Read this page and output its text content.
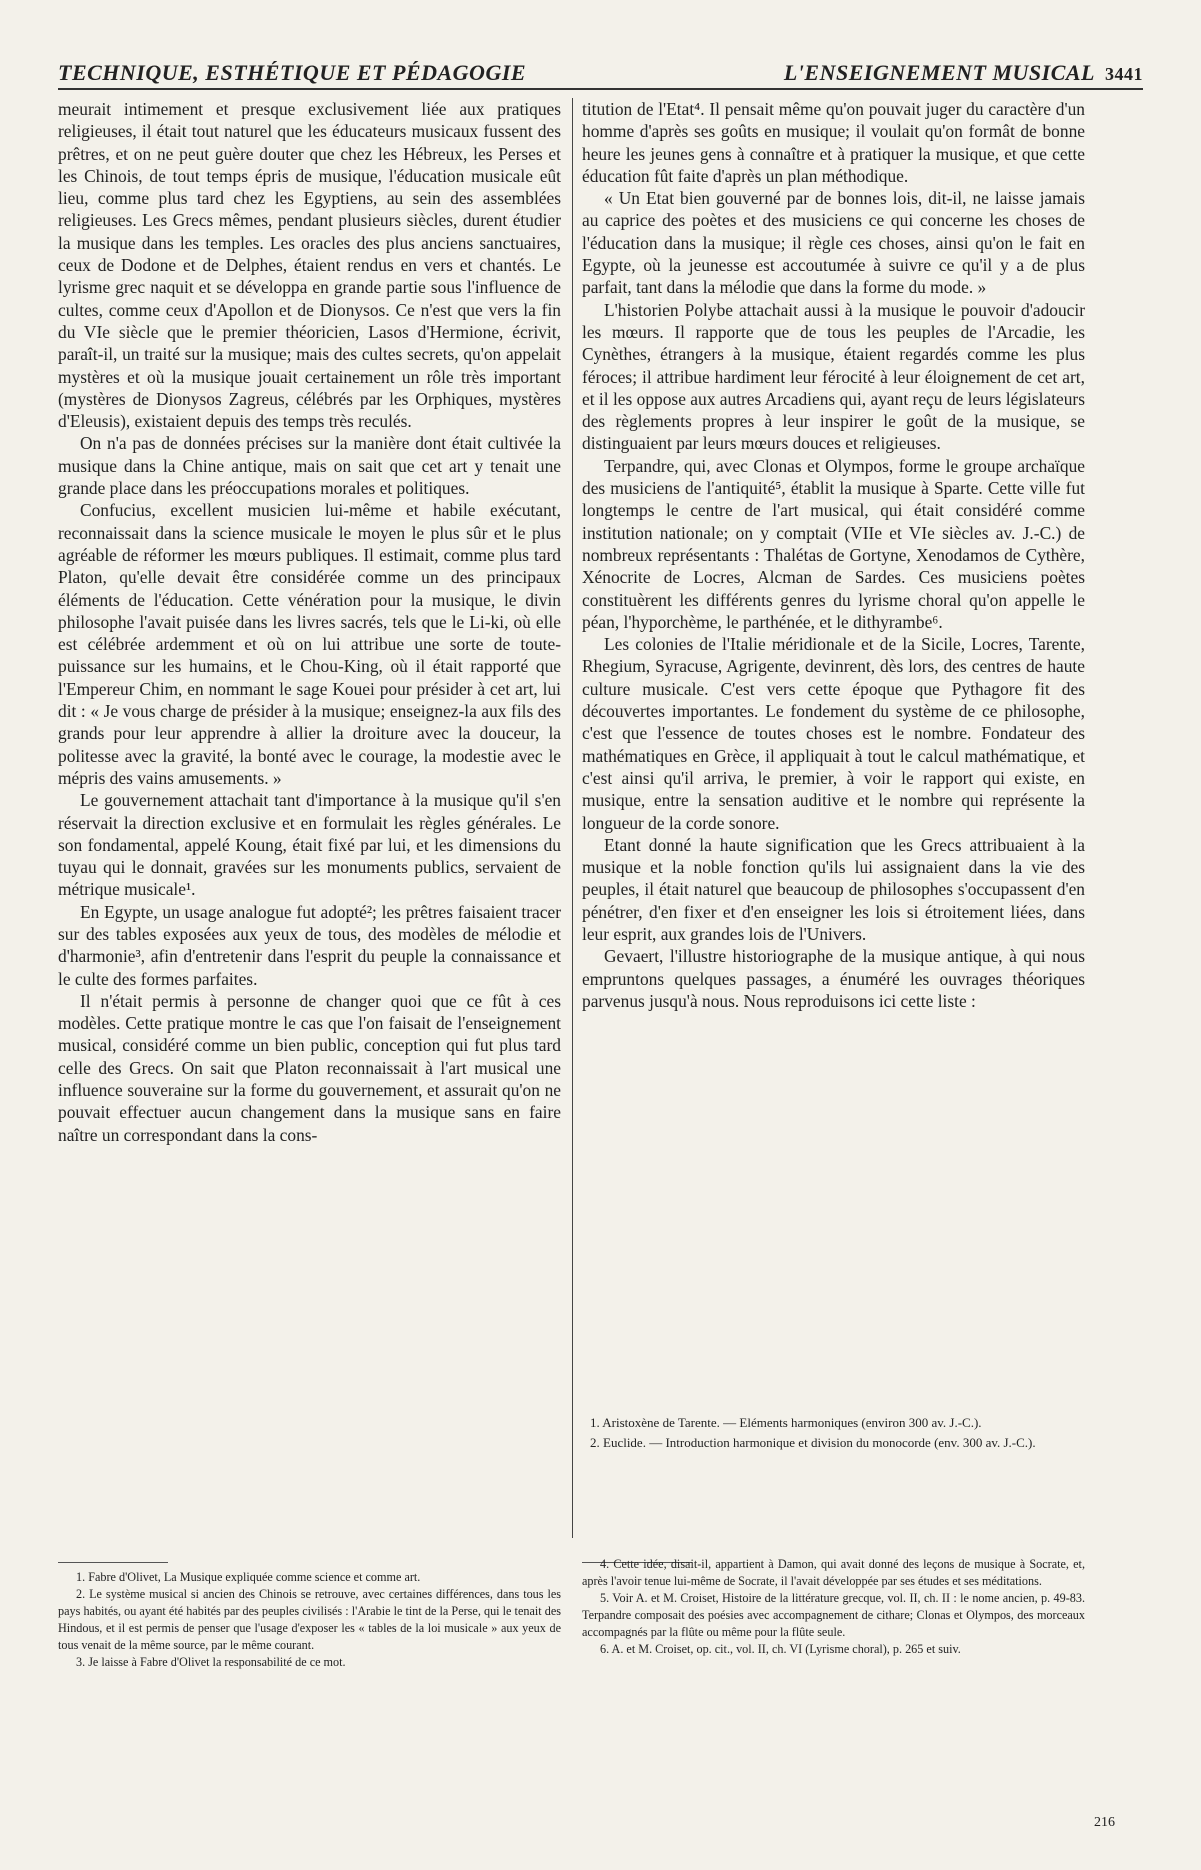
TECHNIQUE, ESTHÉTIQUE ET PÉDAGOGIE	L'ENSEIGNEMENT MUSICAL 3441

meurait intimement et presque exclusivement liée aux pratiques religieuses, il était tout naturel que les éducateurs musicaux fussent des prêtres, et on ne peut guère douter que chez les Hébreux, les Perses et les Chinois, de tout temps épris de musique, l'éducation musicale eût lieu, comme plus tard chez les Egyptiens, au sein des assemblées religieuses. Les Grecs mêmes, pendant plusieurs siècles, durent étudier la musique dans les temples. Les oracles des plus anciens sanctuaires, ceux de Dodone et de Delphes, étaient rendus en vers et chantés. Le lyrisme grec naquit et se développa en grande partie sous l'influence de cultes, comme ceux d'Apollon et de Dionysos. Ce n'est que vers la fin du VIe siècle que le premier théoricien, Lasos d'Hermione, écrivit, paraît-il, un traité sur la musique; mais des cultes secrets, qu'on appelait mystères et où la musique jouait certainement un rôle très important (mystères de Dionysos Zagreus, célébrés par les Orphiques, mystères d'Eleusis), existaient depuis des temps très reculés.

On n'a pas de données précises sur la manière dont était cultivée la musique dans la Chine antique, mais on sait que cet art y tenait une grande place dans les préoccupations morales et politiques.

Confucius, excellent musicien lui-même et habile exécutant, reconnaissait dans la science musicale le moyen le plus sûr et le plus agréable de réformer les mœurs publiques. Il estimait, comme plus tard Platon, qu'elle devait être considérée comme un des principaux éléments de l'éducation. Cette vénération pour la musique, le divin philosophe l'avait puisée dans les livres sacrés, tels que le Li-ki, où elle est célébrée ardemment et où on lui attribue une sorte de toute-puissance sur les humains, et le Chou-King, où il était rapporté que l'Empereur Chim, en nommant le sage Kouei pour présider à cet art, lui dit : « Je vous charge de présider à la musique; enseignez-la aux fils des grands pour leur apprendre à allier la droiture avec la douceur, la politesse avec la gravité, la bonté avec le courage, la modestie avec le mépris des vains amusements. »

Le gouvernement attachait tant d'importance à la musique qu'il s'en réservait la direction exclusive et en formulait les règles générales. Le son fondamental, appelé Koung, était fixé par lui, et les dimensions du tuyau qui le donnait, gravées sur les monuments publics, servaient de métrique musicale¹.

En Egypte, un usage analogue fut adopté²; les prêtres faisaient tracer sur des tables exposées aux yeux de tous, des modèles de mélodie et d'harmonie³, afin d'entretenir dans l'esprit du peuple la connaissance et le culte des formes parfaites.

Il n'était permis à personne de changer quoi que ce fût à ces modèles. Cette pratique montre le cas que l'on faisait de l'enseignement musical, considéré comme un bien public, conception qui fut plus tard celle des Grecs. On sait que Platon reconnaissait à l'art musical une influence souveraine sur la forme du gouvernement, et assurait qu'on ne pouvait effectuer aucun changement dans la musique sans en faire naître un correspondant dans la cons-

titution de l'Etat⁴. Il pensait même qu'on pouvait juger du caractère d'un homme d'après ses goûts en musique; il voulait qu'on formât de bonne heure les jeunes gens à connaître et à pratiquer la musique, et que cette éducation fût faite d'après un plan méthodique.

« Un Etat bien gouverné par de bonnes lois, dit-il, ne laisse jamais au caprice des poètes et des musiciens ce qui concerne les choses de l'éducation dans la musique; il règle ces choses, ainsi qu'on le fait en Egypte, où la jeunesse est accoutumée à suivre ce qu'il y a de plus parfait, tant dans la mélodie que dans la forme du mode. »

L'historien Polybe attachait aussi à la musique le pouvoir d'adoucir les mœurs. Il rapporte que de tous les peuples de l'Arcadie, les Cynèthes, étrangers à la musique, étaient regardés comme les plus féroces; il attribue hardiment leur férocité à leur éloignement de cet art, et il les oppose aux autres Arcadiens qui, ayant reçu de leurs législateurs des règlements propres à leur inspirer le goût de la musique, se distinguaient par leurs mœurs douces et religieuses.

Terpandre, qui, avec Clonas et Olympos, forme le groupe archaïque des musiciens de l'antiquité⁵, établit la musique à Sparte. Cette ville fut longtemps le centre de l'art musical, qui était considéré comme institution nationale; on y comptait (VIIe et VIe siècles av. J.-C.) de nombreux représentants : Thalétas de Gortyne, Xenodamos de Cythère, Xénocrite de Locres, Alcman de Sardes. Ces musiciens poètes constituèrent les différents genres du lyrisme choral qu'on appelle le péan, l'hyporchème, le parthénée, et le dithyrambe⁶.

Les colonies de l'Italie méridionale et de la Sicile, Locres, Tarente, Rhegium, Syracuse, Agrigente, devinrent, dès lors, des centres de haute culture musicale. C'est vers cette époque que Pythagore fit des découvertes importantes. Le fondement du système de ce philosophe, c'est que l'essence de toutes choses est le nombre. Fondateur des mathématiques en Grèce, il appliquait à tout le calcul mathématique, et c'est ainsi qu'il arriva, le premier, à voir le rapport qui existe, en musique, entre la sensation auditive et le nombre qui représente la longueur de la corde sonore.

Etant donné la haute signification que les Grecs attribuaient à la musique et la noble fonction qu'ils lui assignaient dans la vie des peuples, il était naturel que beaucoup de philosophes s'occupassent d'en pénétrer, d'en fixer et d'en enseigner les lois si étroitement liées, dans leur esprit, aux grandes lois de l'Univers.

Gevaert, l'illustre historiographe de la musique antique, à qui nous empruntons quelques passages, a énuméré les ouvrages théoriques parvenus jusqu'à nous. Nous reproduisons ici cette liste :

1. Aristoxène de Tarente. — Eléments harmoniques (environ 300 av. J.-C.).

2. Euclide. — Introduction harmonique et division du monocorde (env. 300 av. J.-C.).

1. Fabre d'Olivet, La Musique expliquée comme science et comme art.

2. Le système musical si ancien des Chinois se retrouve, avec certaines différences, dans tous les pays habités, ou ayant été habités par des peuples civilisés : l'Arabie le tint de la Perse, qui le tenait des Hindous, et il est permis de penser que l'usage d'exposer les « tables de la loi musicale » aux yeux de tous venait de la même source, par le même courant.

3. Je laisse à Fabre d'Olivet la responsabilité de ce mot.

4. Cette idée, disait-il, appartient à Damon, qui avait donné des leçons de musique à Socrate, et, après l'avoir tenue lui-même de Socrate, il l'avait développée par ses études et ses méditations.

5. Voir A. et M. Croiset, Histoire de la littérature grecque, vol. II, ch. II : le nome ancien, p. 49-83. Terpandre composait des poésies avec accompagnement de cithare; Clonas et Olympos, des morceaux accompagnés par la flûte ou même pour la flûte seule.

6. A. et M. Croiset, op. cit., vol. II, ch. VI (Lyrisme choral), p. 265 et suiv.

216
